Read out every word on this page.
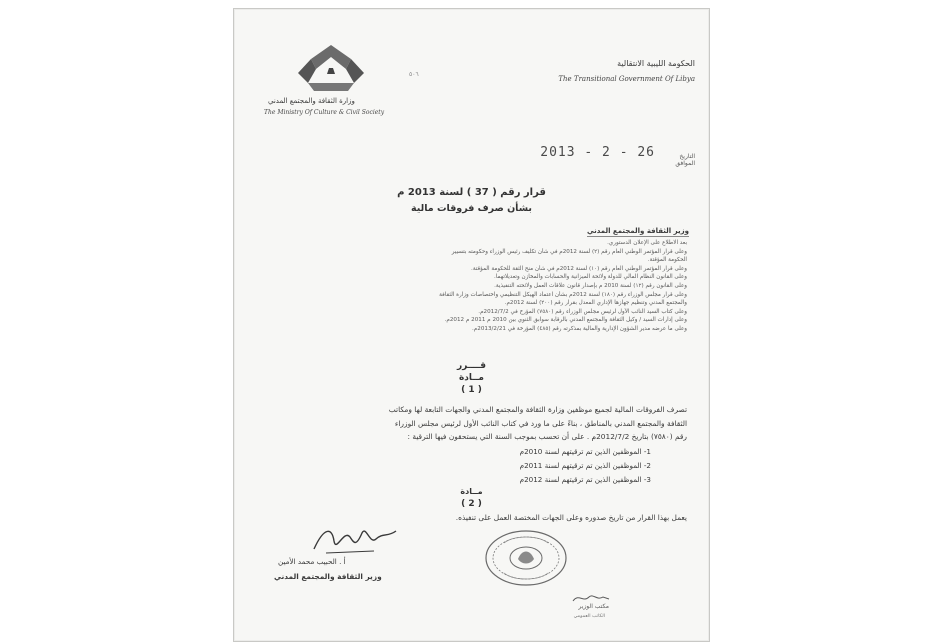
الحكومة الليبية الانتقالية
The Transitional Government Of Libya
وزارة الثقافة والمجتمع المدني
The Ministry Of Culture & Civil Society
٥٠٦
2013 - 2 - 26	التاريخ
الموافق
قرار رقم ( 37 ) لسنة 2013 م
بشأن صرف فروقات مالية
وزير الثقافة والمجتمع المدني
بعد الاطلاع على الإعلان الدستوري.
وعلى قرار المؤتمر الوطني العام رقم (٢) لسنة 2012م في شأن تكليف رئيس الوزراء وحكومته بتسيير
الحكومة المؤقتة.
وعلى قرار المؤتمر الوطني العام رقم (١٠) لسنة 2012م في شأن منح الثقة للحكومة المؤقتة.
وعلى القانون النظام المالي للدولة ولائحة الميزانية والحسابات والمخازن وتعديلاتهما.
وعلى القانون رقم (١٢) لسنة 2010 م بإصدار قانون علاقات العمل ولائحته التنفيذية.
وعلى قرار مجلس الوزراء رقم (١٨٠) لسنة 2012م بشأن اعتماد الهيكل التنظيمي واختصاصات وزارة الثقافة
والمجتمع المدني وتنظيم جهازها الإداري المعدل بقرار رقم (٢٠٠) لسنة 2012م.
وعلى كتاب السيد النائب الأول لرئيس مجلس الوزراء رقم (٧٥٨٠) المؤرخ في 2012/7/2م.
وعلى إدارات السيد / وكيل الثقافة والمجتمع المدني بالرقابة سوابق الثنوي بين 2010 م 2011 م 2012م.
وعلى ما عرضه مدير الشؤون الإدارية والمالية بمذكرته رقم (٤٨٥) المؤرخة في 2013/2/21م.
قــــرر
مــادة
( 1 )
تصرف الفروقات المالية لجميع موظفين وزارة الثقافة والمجتمع المدني والجهات التابعة لها ومكاتب
الثقافة والمجتمع المدني بالمناطق ، بناءً على ما ورد في كتاب النائب الأول لرئيس مجلس الوزراء
رقم (٧٥٨٠) بتاريخ 2012/7/2م . على أن تحسب بموجب السنة التي يستحقون فيها الترقية :
1- الموظفين الذين تم ترقيتهم لسنة 2010م
2- الموظفين الذين تم ترقيتهم لسنة 2011م
3- الموظفين الذين تم ترقيتهم لسنة 2012م
مــادة
( 2 )
يعمل بهذا القرار من تاريخ صدوره وعلى الجهات المختصة العمل على تنفيذه.
أ . الحبيب محمد الأمين
وزير الثقافة والمجتمع المدني
مكتب الوزير
الكاتب العمومي
